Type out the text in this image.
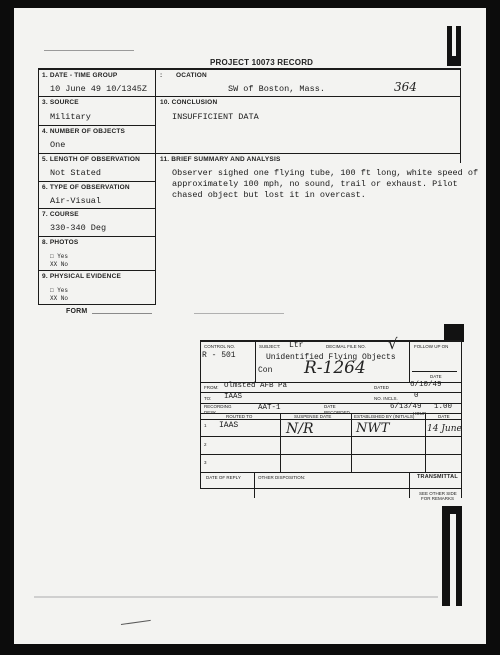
PROJECT 10073 RECORD
1. DATE - TIME GROUP
10 June 49 10/1345Z
: OCATION
SW of Boston, Mass.	364
3. SOURCE
Military
10. CONCLUSION
INSUFFICIENT DATA
4. NUMBER OF OBJECTS
One
5. LENGTH OF OBSERVATION
Not Stated
11. BRIEF SUMMARY AND ANALYSIS
Observer sighed one flying tube, 100 ft long, white speed of
approximately 100 mph, no sound, trail or exhaust. Pilot
chased object but lost it in overcast.
6. TYPE OF OBSERVATION
Air-Visual
7. COURSE
330-340 Deg
8. PHOTOS
□ Yes
XX No
9. PHYSICAL EVIDENCE
□ Yes
XX No
FORM
CONTROL NO.
R - 501
SUBJECT: Ltr	DECIMAL FILE NO. √	FOLLOW UP ON
Unidentified Flying Objects
Con R-1264	DATE
FROM: Olmsted AFB Pa	DATED	6/10/49
TO: IAAS	NO. INCLS. 0
RECORDING
DESK
AAT-1	DATE
RECORDED
6/13/49 1.00
HOUR
ROUTED TO	SUSPENSE DATE	ESTABLISHED BY (INITIALS)	DATE
1 IAAS	N/R	NWT	14 June
2
3
DATE OF REPLY	OTHER DISPOSITION:	TRANSMITTAL
SEE OTHER SIDE
FOR REMARKS
